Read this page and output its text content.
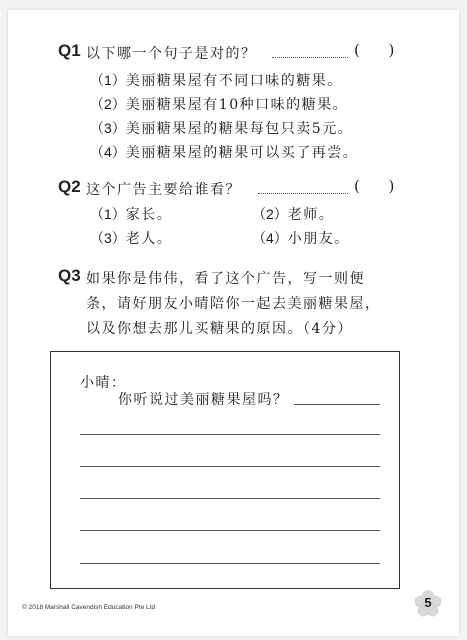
Q1 以下哪一个句子是对的？	(      )
（1）美丽糖果屋有不同口味的糖果。
（2）美丽糖果屋有10种口味的糖果。
（3）美丽糖果屋的糖果每包只卖5元。
（4）美丽糖果屋的糖果可以买了再尝。
Q2 这个广告主要给谁看？	(      )
（1）家长。	（2）老师。
（3）老人。	（4）小朋友。
Q3 如果你是伟伟，看了这个广告，写一则便
条，请好朋友小晴陪你一起去美丽糖果屋，
以及你想去那儿买糖果的原因。（4分）
小晴：
你听说过美丽糖果屋吗？
© 2018 Marshall Cavendish Education Pte Ltd	5
